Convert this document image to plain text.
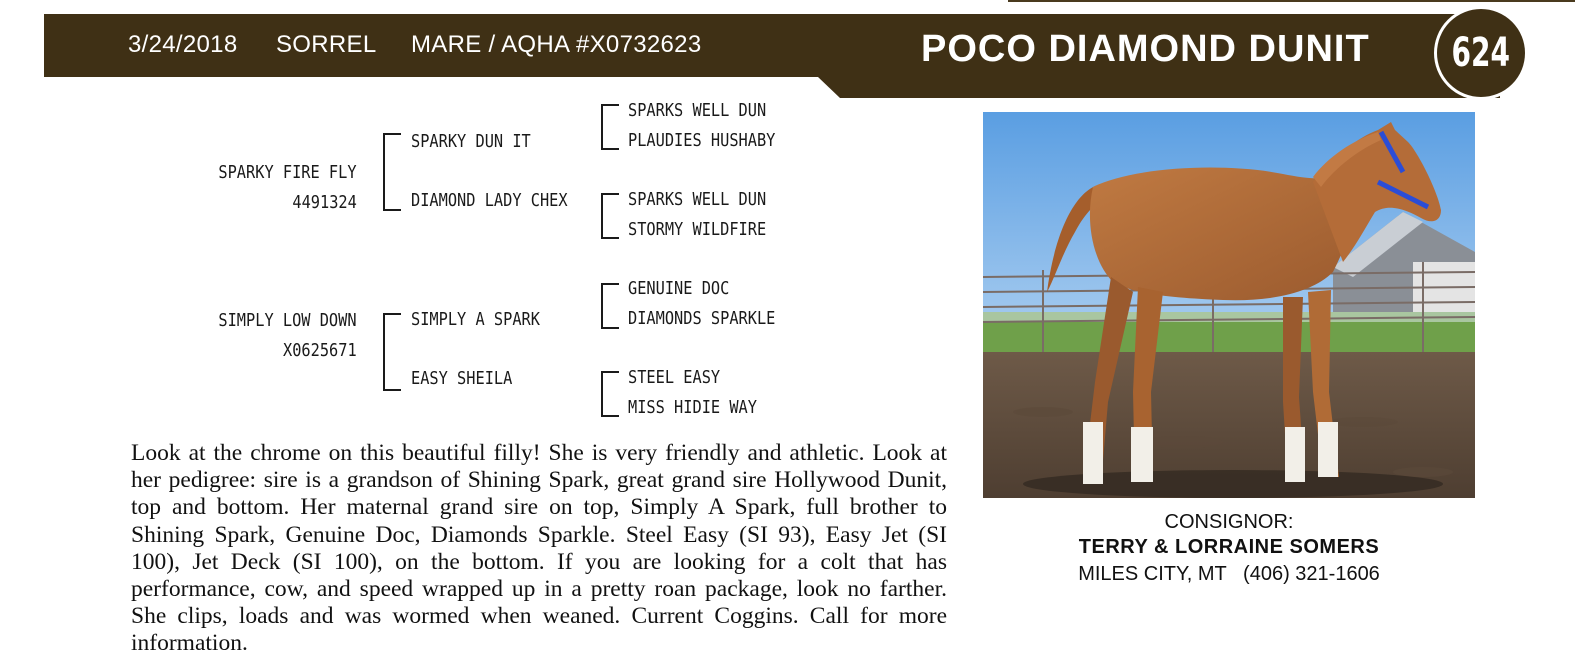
3/24/2018 SORREL MARE / AQHA #X0732623	POCO DIAMOND DUNIT	624
SPARKY FIRE FLY
4491324
SPARKY DUN IT
DIAMOND LADY CHEX
SPARKS WELL DUN
PLAUDIES HUSHABY
SPARKS WELL DUN
STORMY WILDFIRE
SIMPLY LOW DOWN
X0625671
SIMPLY A SPARK
EASY SHEILA
GENUINE DOC
DIAMONDS SPARKLE
STEEL EASY
MISS HIDIE WAY

Look at the chrome on this beautiful filly! She is very friendly and athletic. Look at her pedigree: sire is a grandson of Shining Spark, great grand sire Hollywood Dunit, top and bottom. Her maternal grand sire on top, Simply A Spark, full brother to Shining Spark, Genuine Doc, Diamonds Sparkle. Steel Easy (SI 93), Easy Jet (SI 100), Jet Deck (SI 100), on the bottom. If you are looking for a colt that has performance, cow, and speed wrapped up in a pretty roan package, look no farther. She clips, loads and was wormed when weaned. Current Coggins. Call for more information.

CONSIGNOR:
TERRY & LORRAINE SOMERS
MILES CITY, MT   (406) 321-1606
